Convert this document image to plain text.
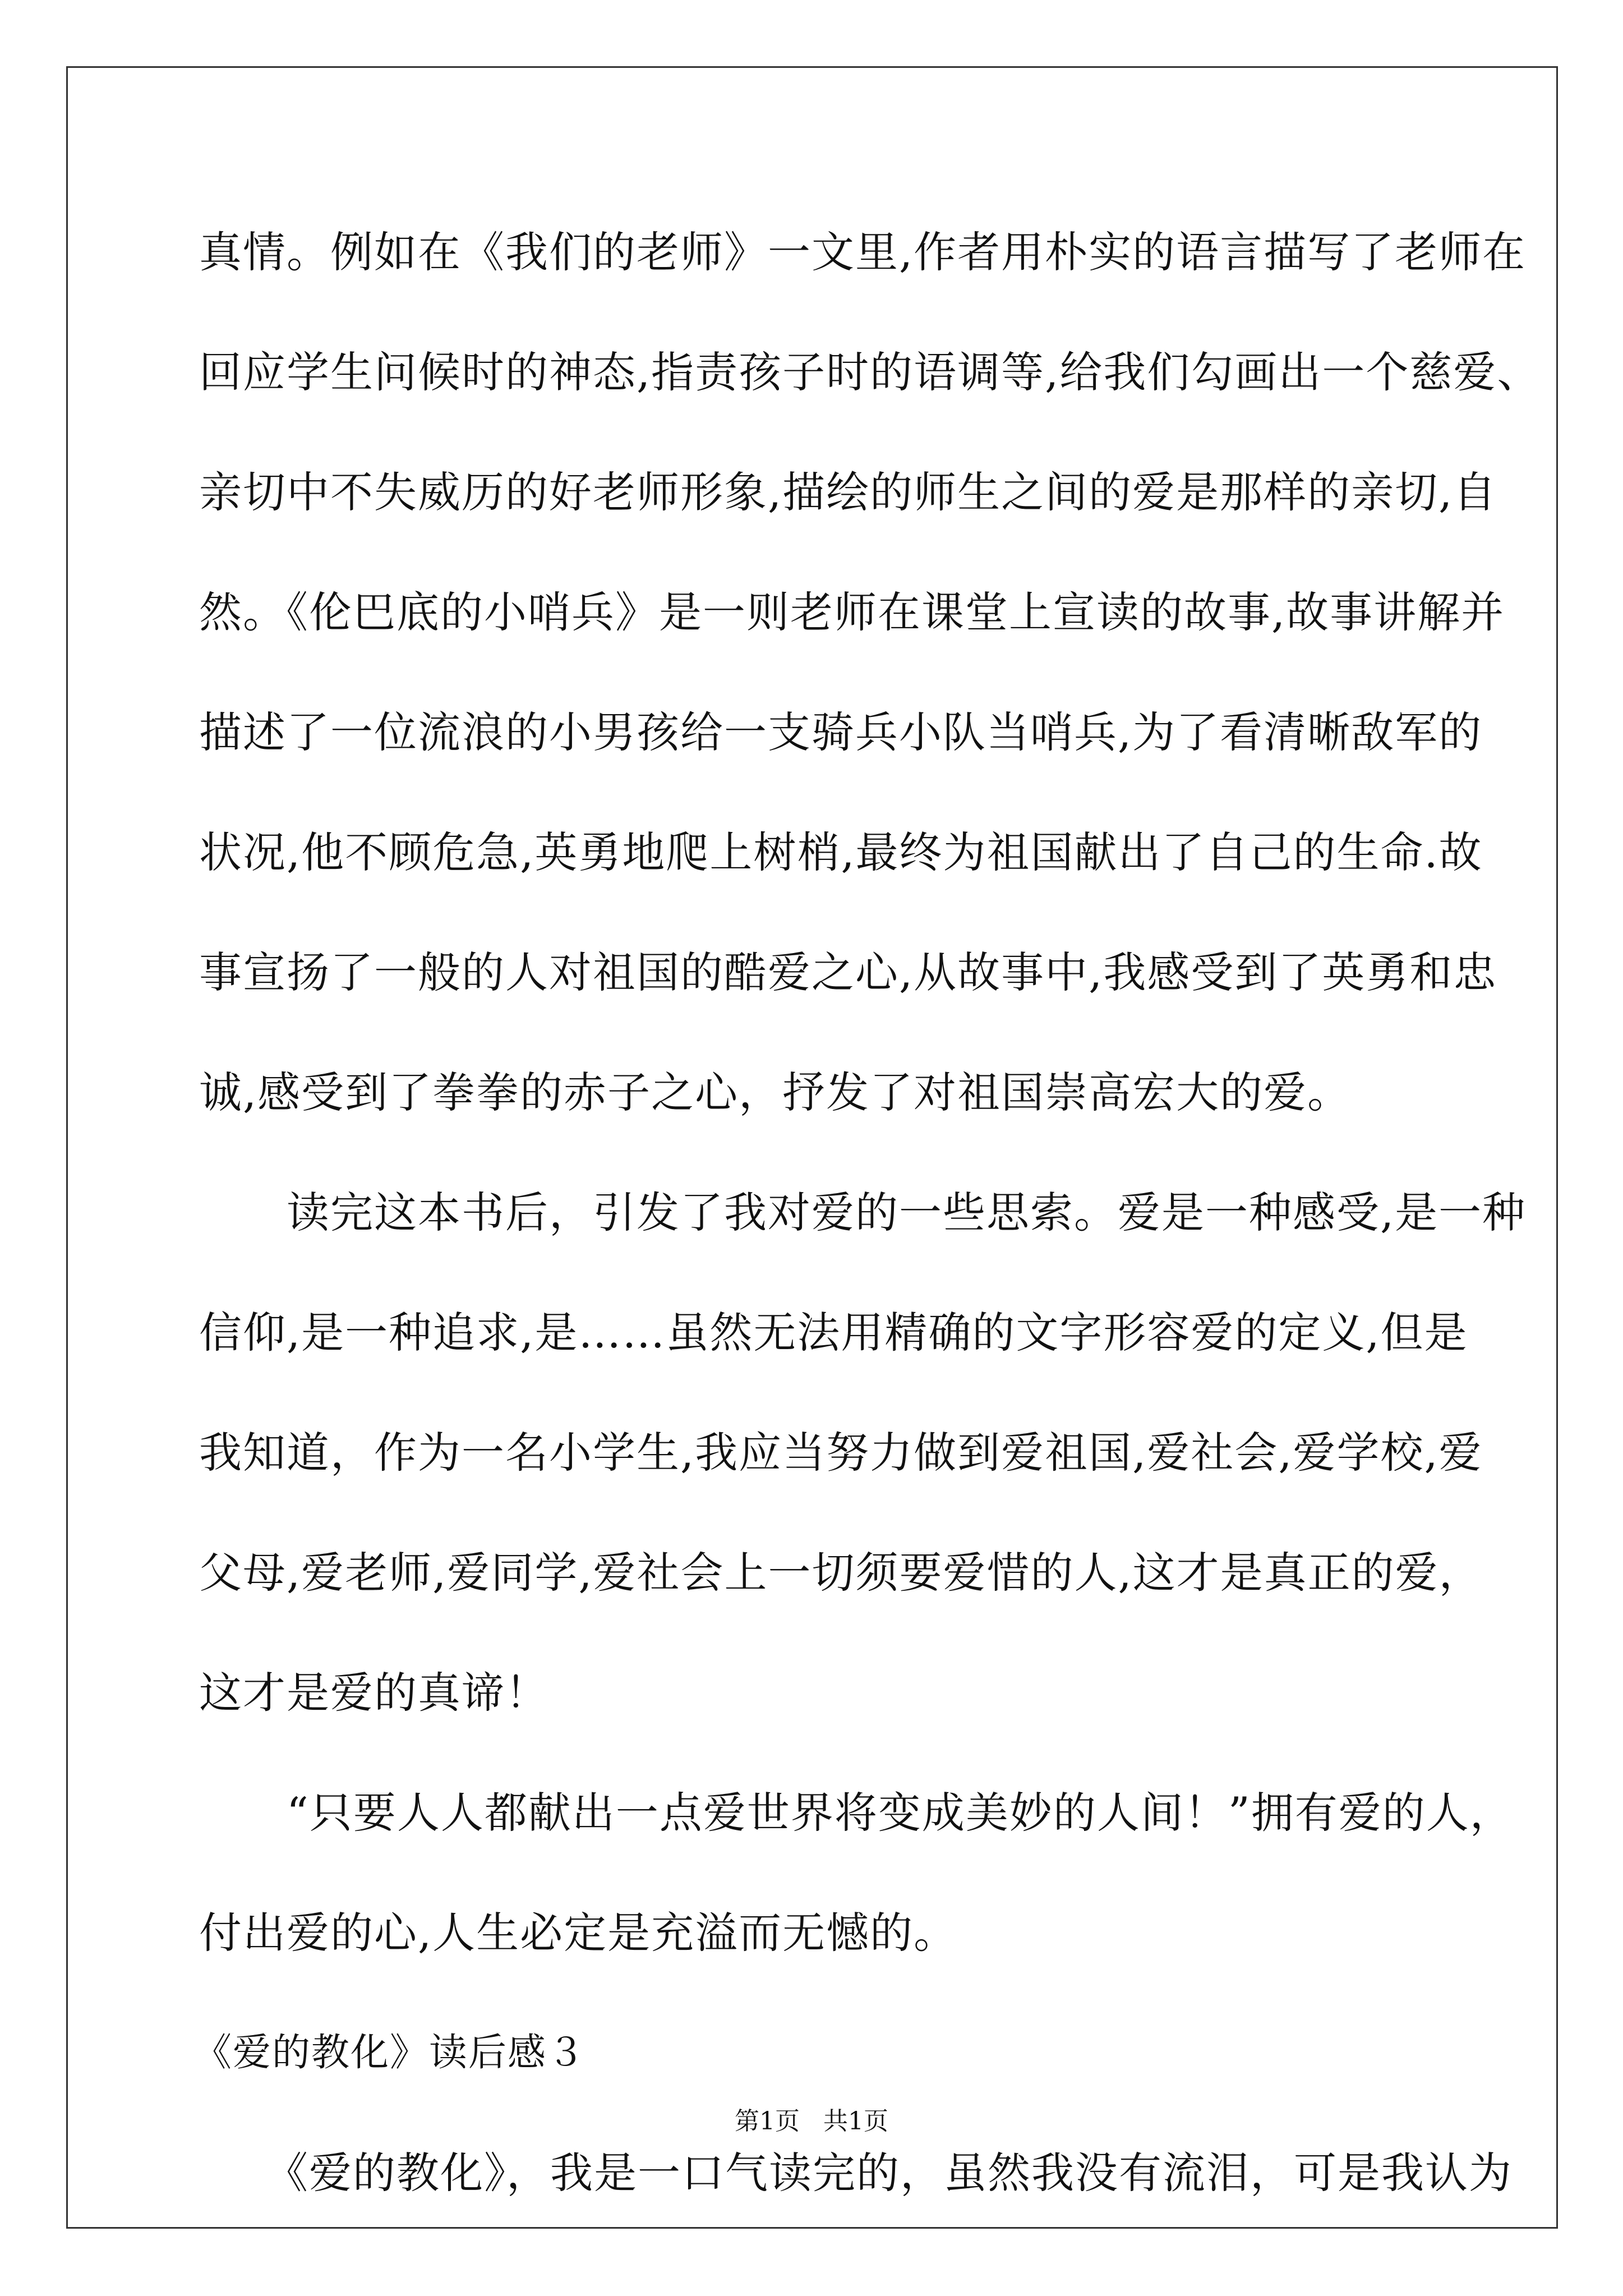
真情。例如在《我们的老师》一文里,作者用朴实的语言描写了老师在
回应学生问候时的神态,指责孩子时的语调等,给我们勾画出一个慈爱、
亲切中不失威历的好老师形象,描绘的师生之间的爱是那样的亲切,自
然。《伦巴底的小哨兵》是一则老师在课堂上宣读的故事,故事讲解并
描述了一位流浪的小男孩给一支骑兵小队当哨兵,为了看清晰敌军的
状况,他不顾危急,英勇地爬上树梢,最终为祖国献出了自己的生命.故
事宣扬了一般的人对祖国的酷爱之心,从故事中,我感受到了英勇和忠
诚,感受到了拳拳的赤子之心，抒发了对祖国崇高宏大的爱。
　　读完这本书后，引发了我对爱的一些思索。爱是一种感受,是一种
信仰,是一种追求,是……虽然无法用精确的文字形容爱的定义,但是
我知道，作为一名小学生,我应当努力做到爱祖国,爱社会,爱学校,爱
父母,爱老师,爱同学,爱社会上一切须要爱惜的人,这才是真正的爱，
这才是爱的真谛！
　　“只要人人都献出一点爱世界将变成美妙的人间！”拥有爱的人，
付出爱的心,人生必定是充溢而无憾的。
《爱的教化》读后感３
　　《爱的教化》，我是一口气读完的，虽然我没有流泪，可是我认为
第1页 共1页
